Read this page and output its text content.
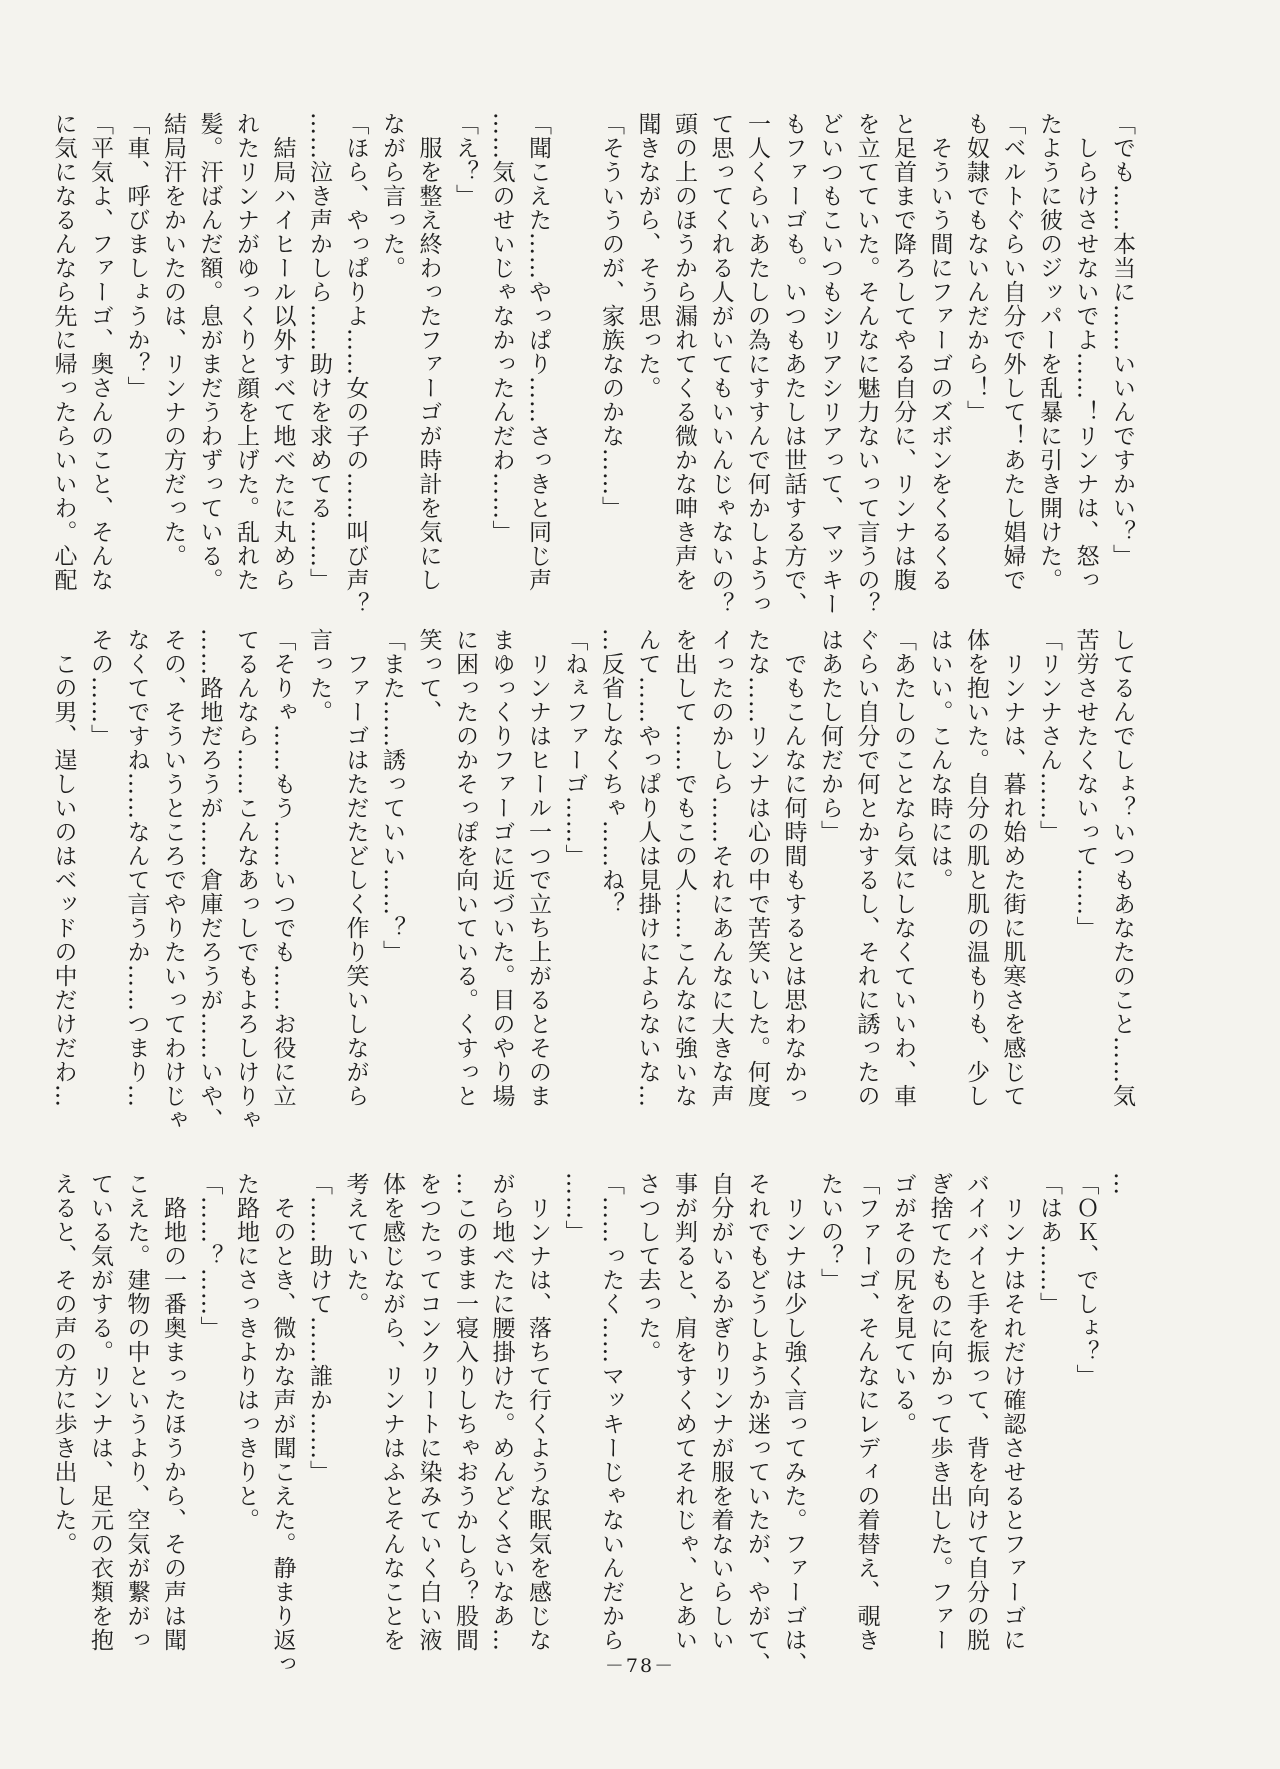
「でも……本当に……いいんですかい？」
　しらけさせないでよ……！リンナは、怒っ
たように彼のジッパーを乱暴に引き開けた。
「ベルトぐらい自分で外して！あたし娼婦で
も奴隷でもないんだから！」
　そういう間にファーゴのズボンをくるくる
と足首まで降ろしてやる自分に、リンナは腹
を立てていた。そんなに魅力ないって言うの？
どいつもこいつもシリアシリアって、マッキー
もファーゴも。いつもあたしは世話する方で、
一人くらいあたしの為にすすんで何かしようっ
て思ってくれる人がいてもいいんじゃないの？
頭の上のほうから漏れてくる微かな呻き声を
聞きながら、そう思った。
「そういうのが、家族なのかな……」

「聞こえた……やっぱり……さっきと同じ声
……気のせいじゃなかったんだわ……」
「え？」
　服を整え終わったファーゴが時計を気にし
ながら言った。
「ほら、やっぱりよ……女の子の……叫び声？
……泣き声かしら……助けを求めてる……」
　結局ハイヒール以外すべて地べたに丸めら
れたリンナがゆっくりと顔を上げた。乱れた
髪。汗ばんだ額。息がまだうわずっている。
結局汗をかいたのは、リンナの方だった。
「車、呼びましょうか？」
「平気よ、ファーゴ、奥さんのこと、そんな
に気になるんなら先に帰ったらいいわ。心配
してるんでしょ？いつもあなたのこと……気
苦労させたくないって……」
「リンナさん……」
　リンナは、暮れ始めた街に肌寒さを感じて
体を抱いた。自分の肌と肌の温もりも、少し
はいい。こんな時には。
「あたしのことなら気にしなくていいわ、車
ぐらい自分で何とかするし、それに誘ったの
はあたし何だから」
　でもこんなに何時間もするとは思わなかっ
たな……リンナは心の中で苦笑いした。何度
イったのかしら……それにあんなに大きな声
を出して……でもこの人……こんなに強いな
んて……やっぱり人は見掛けによらないな…
…反省しなくちゃ……ね？
「ねぇファーゴ……」
　リンナはヒール一つで立ち上がるとそのま
まゆっくりファーゴに近づいた。目のやり場
に困ったのかそっぽを向いている。くすっと
笑って、
「また……誘っていい……？」
　ファーゴはただたどしく作り笑いしながら
言った。
「そりゃ……もう……いつでも……お役に立
てるんなら……こんなあっしでもよろしけりゃ
……路地だろうが……倉庫だろうが……いや、
その、そういうところでやりたいってわけじゃ
なくてですね……なんて言うか……つまり…
その……」
　この男、逞しいのはベッドの中だけだわ…
…
「ＯＫ、でしょ？」
「はあ……」
　リンナはそれだけ確認させるとファーゴに
バイバイと手を振って、背を向けて自分の脱
ぎ捨てたものに向かって歩き出した。ファー
ゴがその尻を見ている。
「ファーゴ、そんなにレディの着替え、覗き
たいの？」
　リンナは少し強く言ってみた。ファーゴは、
それでもどうしようか迷っていたが、やがて、
自分がいるかぎりリンナが服を着ないらしい
事が判ると、肩をすくめてそれじゃ、とあい
さつして去った。
「……ったく……マッキーじゃないんだから
……」
　リンナは、落ちて行くような眠気を感じな
がら地べたに腰掛けた。めんどくさいなあ…
…このまま一寝入りしちゃおうかしら？股間
をつたってコンクリートに染みていく白い液
体を感じながら、リンナはふとそんなことを
考えていた。
「……助けて……誰か……」
　そのとき、微かな声が聞こえた。静まり返っ
た路地にさっきよりはっきりと。
「……？……」
　路地の一番奥まったほうから、その声は聞
こえた。建物の中というより、空気が繋がっ
ている気がする。リンナは、足元の衣類を抱
えると、その声の方に歩き出した。
－78－
